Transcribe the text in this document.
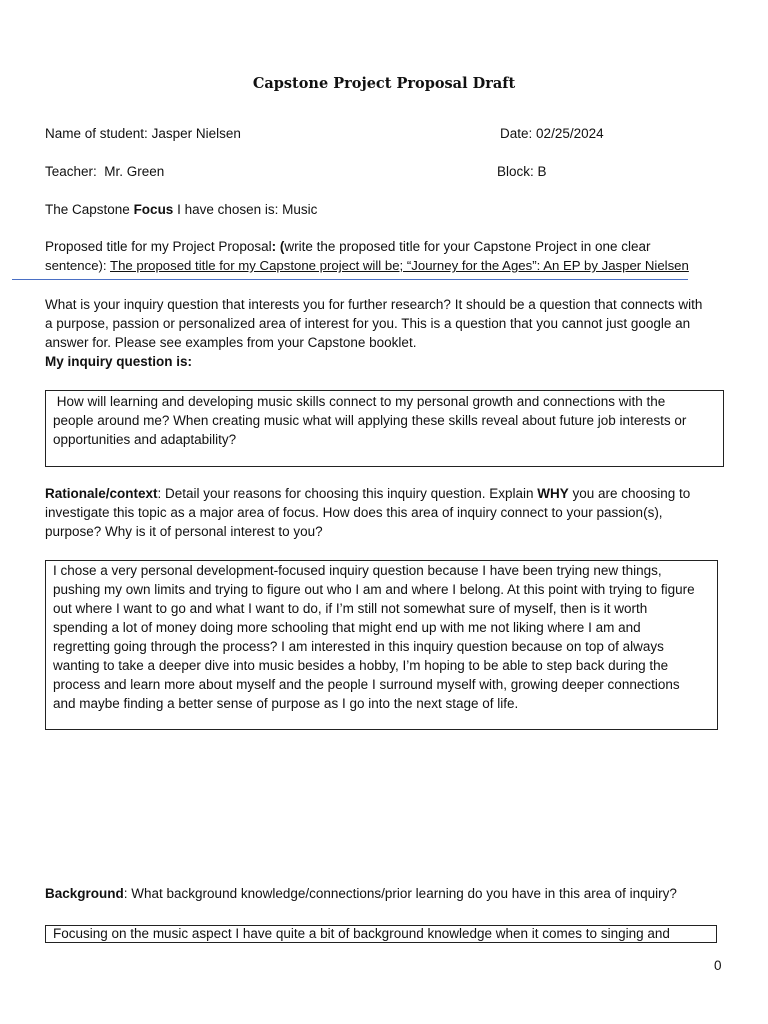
Capstone Project Proposal Draft
Name of student: Jasper Nielsen	Date: 02/25/2024
Teacher: Mr. Green	Block: B
The Capstone Focus I have chosen is: Music
Proposed title for my Project Proposal: (write the proposed title for your Capstone Project in one clear
sentence): The proposed title for my Capstone project will be; “Journey for the Ages”: An EP by Jasper Nielsen
What is your inquiry question that interests you for further research? It should be a question that connects with
a purpose, passion or personalized area of interest for you. This is a question that you cannot just google an
answer for. Please see examples from your Capstone booklet.
My inquiry question is:
How will learning and developing music skills connect to my personal growth and connections with the
people around me? When creating music what will applying these skills reveal about future job interests or
opportunities and adaptability?
Rationale/context: Detail your reasons for choosing this inquiry question. Explain WHY you are choosing to
investigate this topic as a major area of focus. How does this area of inquiry connect to your passion(s),
purpose? Why is it of personal interest to you?
I chose a very personal development-focused inquiry question because I have been trying new things,
pushing my own limits and trying to figure out who I am and where I belong. At this point with trying to figure
out where I want to go and what I want to do, if I’m still not somewhat sure of myself, then is it worth
spending a lot of money doing more schooling that might end up with me not liking where I am and
regretting going through the process? I am interested in this inquiry question because on top of always
wanting to take a deeper dive into music besides a hobby, I’m hoping to be able to step back during the
process and learn more about myself and the people I surround myself with, growing deeper connections
and maybe finding a better sense of purpose as I go into the next stage of life.
Background: What background knowledge/connections/prior learning do you have in this area of inquiry?
Focusing on the music aspect I have quite a bit of background knowledge when it comes to singing and
0
